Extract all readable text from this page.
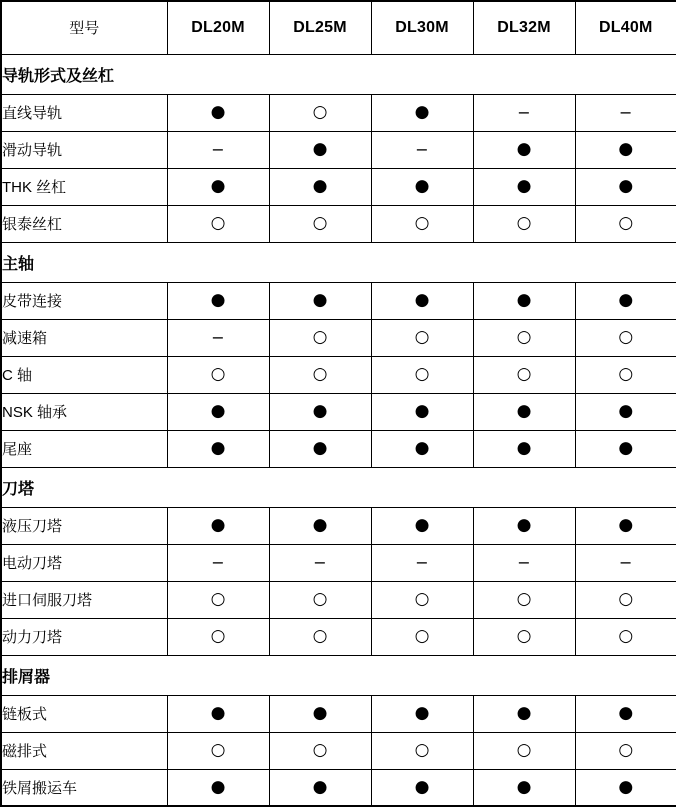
型号	DL20M	DL25M	DL30M	DL32M	DL40M
导轨形式及丝杠					
直线导轨	●	○	●	−	−
滑动导轨	−	●	−	●	●
THK 丝杠	●	●	●	●	●
银泰丝杠	○	○	○	○	○
主轴					
皮带连接	●	●	●	●	●
减速箱	−	○	○	○	○
C 轴	○	○	○	○	○
NSK 轴承	●	●	●	●	●
尾座	●	●	●	●	●
刀塔					
液压刀塔	●	●	●	●	●
电动刀塔	−	−	−	−	−
进口伺服刀塔	○	○	○	○	○
动力刀塔	○	○	○	○	○
排屑器					
链板式	●	●	●	●	●
磁排式	○	○	○	○	○
铁屑搬运车	●	●	●	●	●
